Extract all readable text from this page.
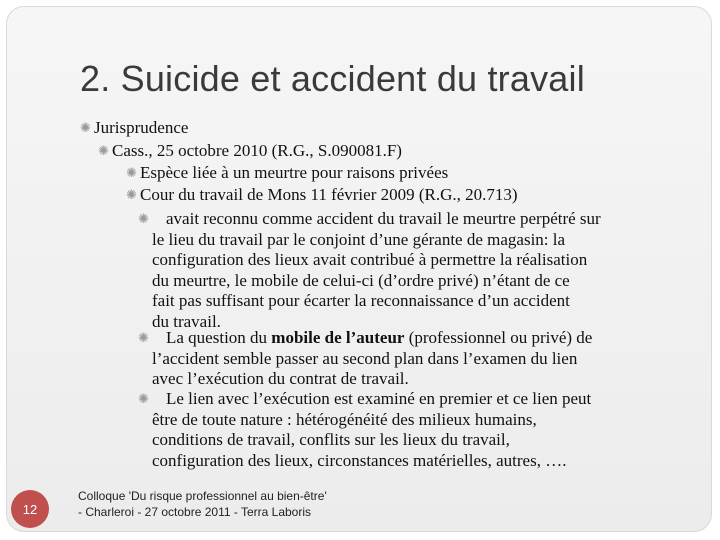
2. Suicide et accident du travail
✺ Jurisprudence
✺ Cass., 25 octobre 2010 (R.G., S.090081.F)
✺ Espèce liée à un meurtre pour raisons privées
✺ Cour du travail de Mons 11 février 2009 (R.G., 20.713)
✺ avait reconnu comme accident du travail le meurtre perpétré sur
le lieu du travail par le conjoint d’une gérante de magasin: la
configuration des lieux avait contribué à permettre la réalisation
du meurtre, le mobile de celui-ci (d’ordre privé) n’étant de ce
fait pas suffisant pour écarter la reconnaissance d’un accident
du travail.
✺ La question du mobile de l’auteur (professionnel ou privé) de
l’accident semble passer au second plan dans l’examen du lien
avec l’exécution du contrat de travail.
✺ Le lien avec l’exécution est examiné en premier et ce lien peut
être de toute nature : hétérogénéité des milieux humains,
conditions de travail, conflits sur les lieux du travail,
configuration des lieux, circonstances matérielles, autres, ….
12
Colloque 'Du risque professionnel au bien-être'
- Charleroi - 27 octobre 2011 - Terra Laboris
